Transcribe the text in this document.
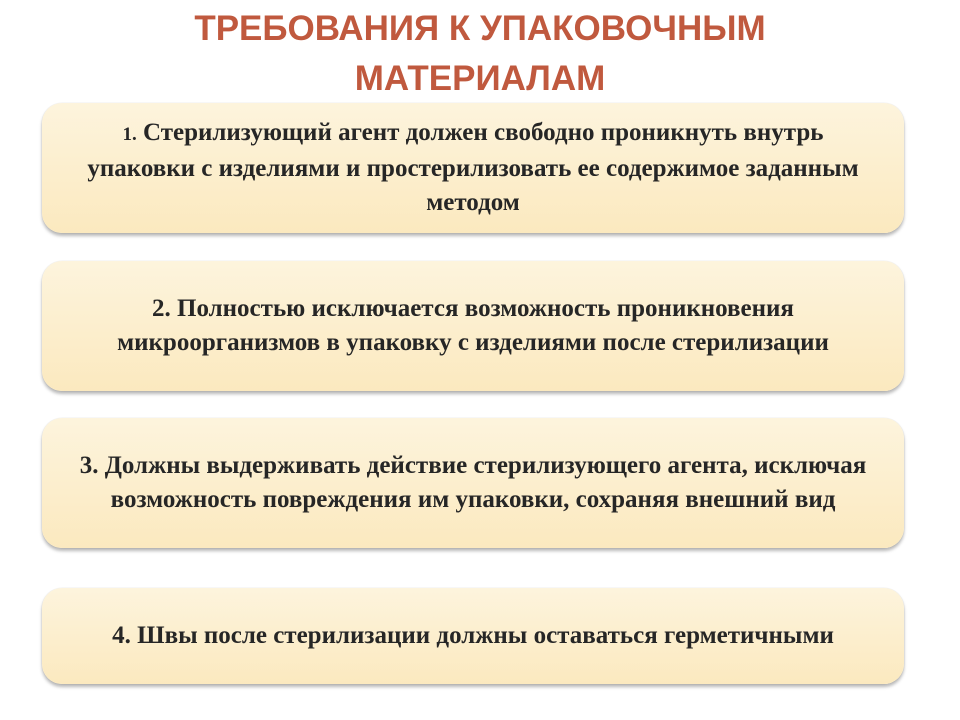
ТРЕБОВАНИЯ К УПАКОВОЧНЫМ
МАТЕРИАЛАМ
1. Стерилизующий агент должен свободно проникнуть внутрь упаковки с изделиями и простерилизовать ее содержимое заданным методом
2. Полностью исключается возможность проникновения микроорганизмов в упаковку с изделиями после стерилизации
3. Должны выдерживать действие стерилизующего агента, исключая возможность повреждения им упаковки, сохраняя внешний вид
4. Швы после стерилизации должны оставаться герметичными
